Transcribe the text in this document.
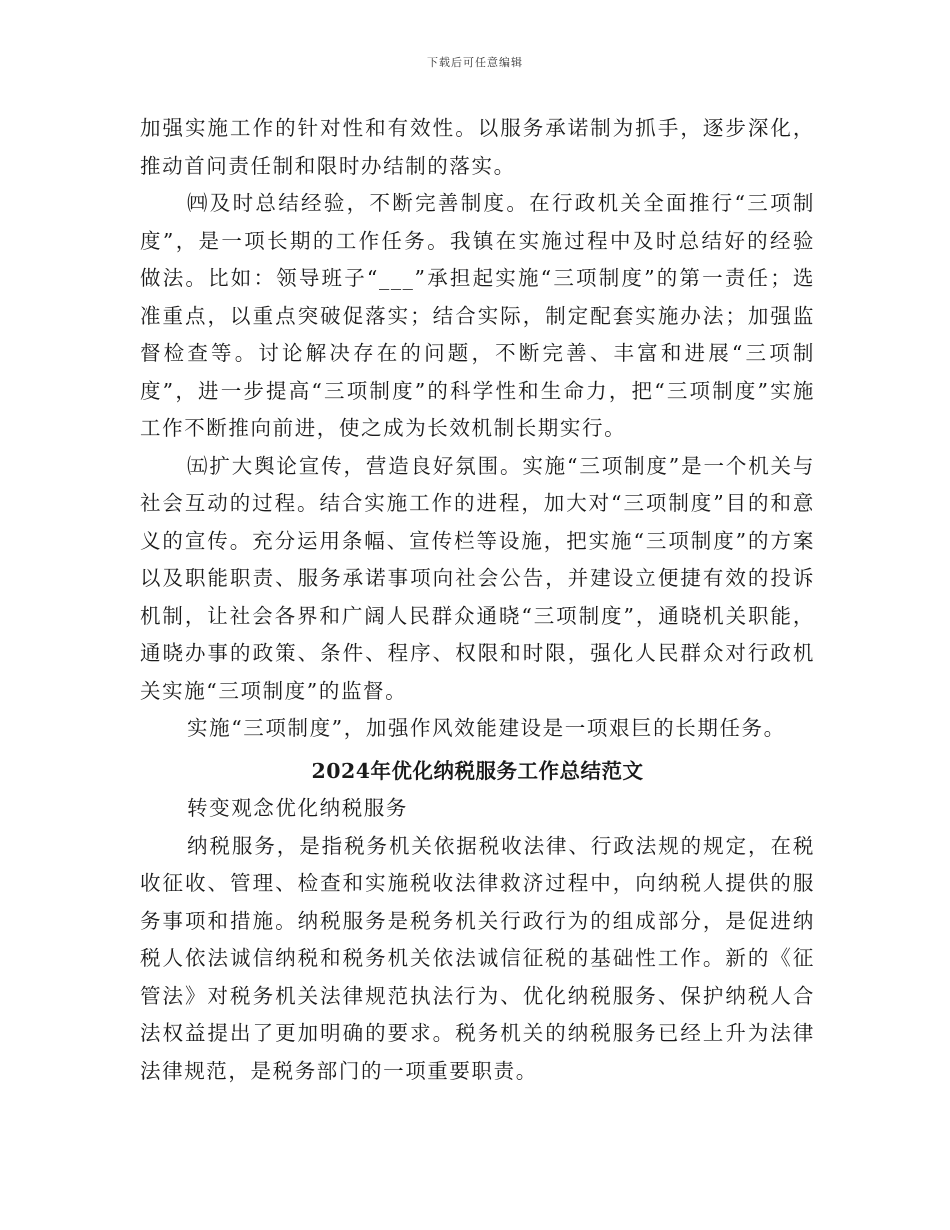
下载后可任意编辑

加强实施工作的针对性和有效性。以服务承诺制为抓手，逐步深化，推动首问责任制和限时办结制的落实。

㈣及时总结经验，不断完善制度。在行政机关全面推行“三项制度”，是一项长期的工作任务。我镇在实施过程中及时总结好的经验做法。比如：领导班子“___”承担起实施“三项制度”的第一责任；选准重点，以重点突破促落实；结合实际，制定配套实施办法；加强监督检查等。讨论解决存在的问题，不断完善、丰富和进展“三项制度”，进一步提高“三项制度”的科学性和生命力，把“三项制度”实施工作不断推向前进，使之成为长效机制长期实行。

㈤扩大舆论宣传，营造良好氛围。实施“三项制度”是一个机关与社会互动的过程。结合实施工作的进程，加大对“三项制度”目的和意义的宣传。充分运用条幅、宣传栏等设施，把实施“三项制度”的方案以及职能职责、服务承诺事项向社会公告，并建设立便捷有效的投诉机制，让社会各界和广阔人民群众通晓“三项制度”，通晓机关职能，通晓办事的政策、条件、程序、权限和时限，强化人民群众对行政机关实施“三项制度”的监督。

实施“三项制度”，加强作风效能建设是一项艰巨的长期任务。

2024年优化纳税服务工作总结范文

转变观念优化纳税服务

纳税服务，是指税务机关依据税收法律、行政法规的规定，在税收征收、管理、检查和实施税收法律救济过程中，向纳税人提供的服务事项和措施。纳税服务是税务机关行政行为的组成部分，是促进纳税人依法诚信纳税和税务机关依法诚信征税的基础性工作。新的《征管法》对税务机关法律规范执法行为、优化纳税服务、保护纳税人合法权益提出了更加明确的要求。税务机关的纳税服务已经上升为法律法律规范，是税务部门的一项重要职责。
